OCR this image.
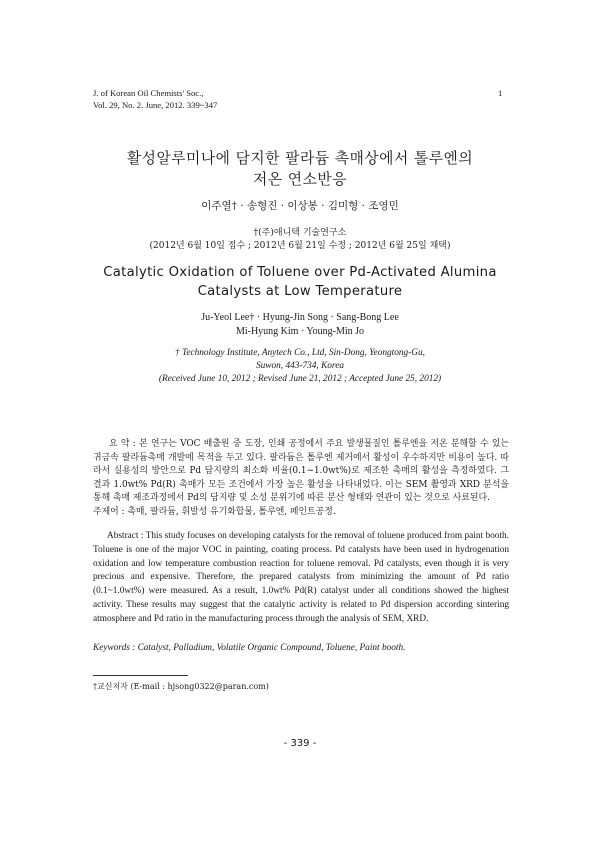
J. of Korean Oil Chemists' Soc.,
Vol. 29, No. 2. June, 2012. 339~347
1
활성알루미나에 담지한 팔라듐 촉매상에서 톨루엔의
저온 연소반응
이주열† · 송형진 · 이상봉 · 김미형 · 조영민
†(주)애니텍 기술연구소
(2012년 6월 10일 접수 ; 2012년 6월 21일 수정 ; 2012년 6월 25일 채택)
Catalytic Oxidation of Toluene over Pd-Activated Alumina
Catalysts at Low Temperature
Ju-Yeol Lee† · Hyung-Jin Song · Sang-Bong Lee
Mi-Hyung Kim · Young-Min Jo
† Technology Institute, Anytech Co., Ltd, Sin-Dong, Yeongtong-Gu,
Suwon, 443-734, Korea
(Received June 10, 2012 ; Revised June 21, 2012 ; Accepted June 25, 2012)
요 약 : 본 연구는 VOC 배출원 중 도장, 인쇄 공정에서 주요 발생물질인 톨루엔을 저온 분해할 수 있는 귀금속 팔라듐촉매 개발에 목적을 두고 있다. 팔라듐은 톨루엔 제거에서 활성이 우수하지만 비용이 높다. 따라서 실용성의 방안으로 Pd 담지량의 최소화 비율(0.1~1.0wt%)로 제조한 촉매의 활성을 측정하였다. 그 결과 1.0wt% Pd(R) 촉매가 모든 조건에서 가장 높은 활성을 나타내었다. 이는 SEM 촬영과 XRD 분석을 통해 촉매 제조과정에서 Pd의 담지량 및 소성 분위기에 따른 분산 형태와 연관이 있는 것으로 사료된다.
주제어 : 촉매, 팔라듐, 휘발성 유기화합물, 톨루엔, 페인트공정.
Abstract : This study focuses on developing catalysts for the removal of toluene produced from paint booth. Toluene is one of the major VOC in painting, coating process. Pd catalysts have been used in hydrogenation oxidation and low temperature combustion reaction for toluene removal. Pd catalysts, even though it is very precious and expensive. Therefore, the prepared catalysts from minimizing the amount of Pd ratio (0.1~1.0wt%) were measured. As a result, 1.0wt% Pd(R) catalyst under all conditions showed the highest activity. These results may suggest that the catalytic activity is related to Pd dispersion according sintering atmosphere and Pd ratio in the manufacturing process through the analysis of SEM, XRD.
Keywords : Catalyst, Palladium, Volatile Organic Compound, Toluene, Paint booth.
†교신저자 (E-mail : hjsong0322@paran.com)
- 339 -
